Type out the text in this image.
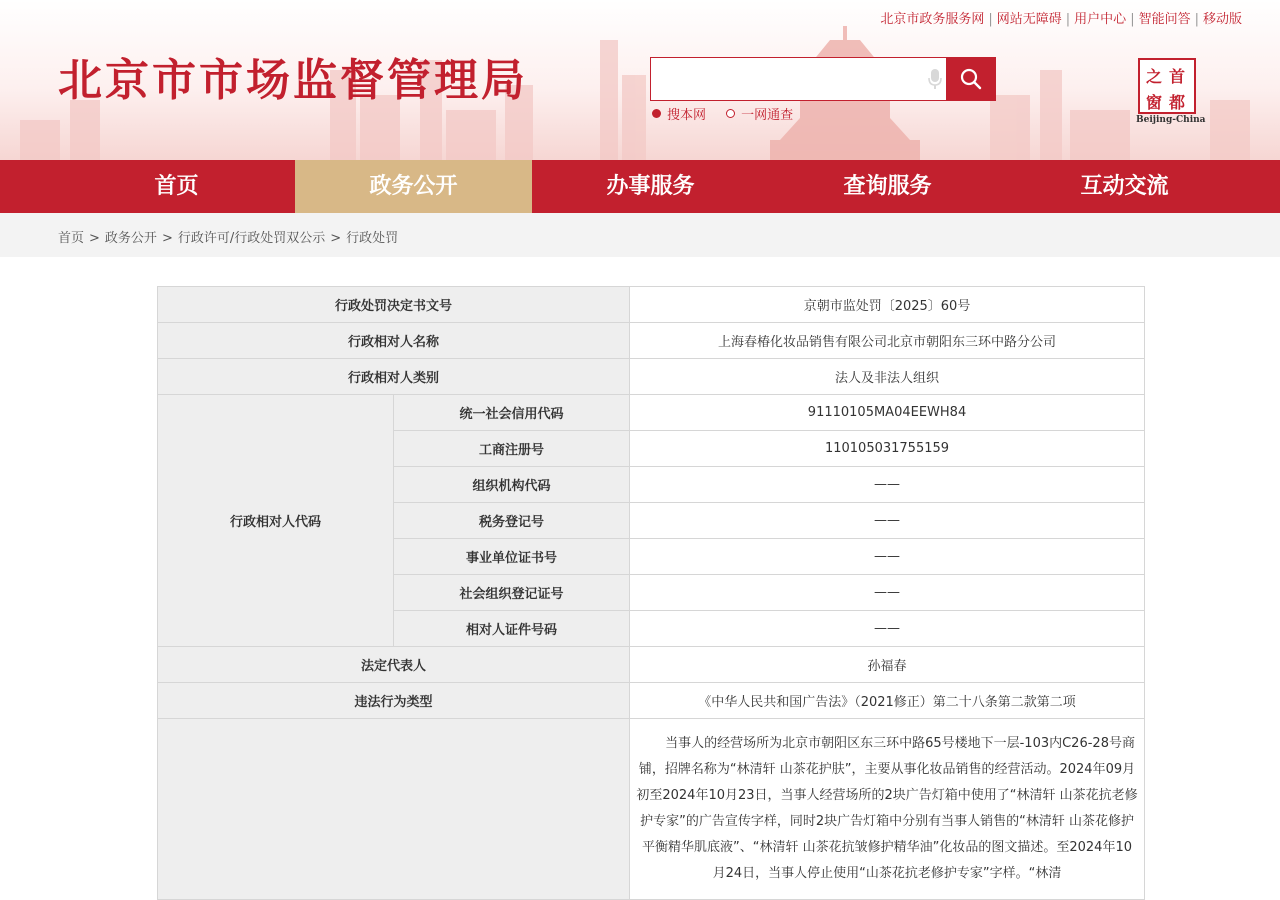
北京市市场监督管理局
北京市政务服务网 | 网站无障碍 | 用户中心 | 智能问答 | 移动版
搜本网
	一网通查
首
都
之
窗
Beijing-China
首页	政务公开	办事服务	查询服务	互动交流
首页 > 政务公开 > 行政许可/行政处罚双公示 > 行政处罚
行政处罚决定书文号		京朝市监处罚〔2025〕60号
行政相对人名称		上海春椿化妆品销售有限公司北京市朝阳东三环中路分公司
行政相对人类别		法人及非法人组织
行政相对人代码	统一社会信用代码	91110105MA04EEWH84
	工商注册号	110105031755159
	组织机构代码	——
	税务登记号	——
	事业单位证书号	——
	社会组织登记证号	——
	相对人证件号码	——
法定代表人		孙福春
违法行为类型		《中华人民共和国广告法》（2021修正）第二十八条第二款第二项
		当事人的经营场所为北京市朝阳区东三环中路65号楼地下一层-103内C26-28号商铺，招牌名称为“林清轩 山茶花护肤”，主要从事化妆品销售的经营活动。2024年09月初至2024年10月23日，当事人经营场所的2块广告灯箱中使用了“林清轩 山茶花抗老修护专家”的广告宣传字样，同时2块广告灯箱中分别有当事人销售的“林清轩 山茶花修护平衡精华肌底液”、“林清轩 山茶花抗皱修护精华油”化妆品的图文描述。至2024年10月24日，当事人停止使用“山茶花抗老修护专家”字样。“林清
